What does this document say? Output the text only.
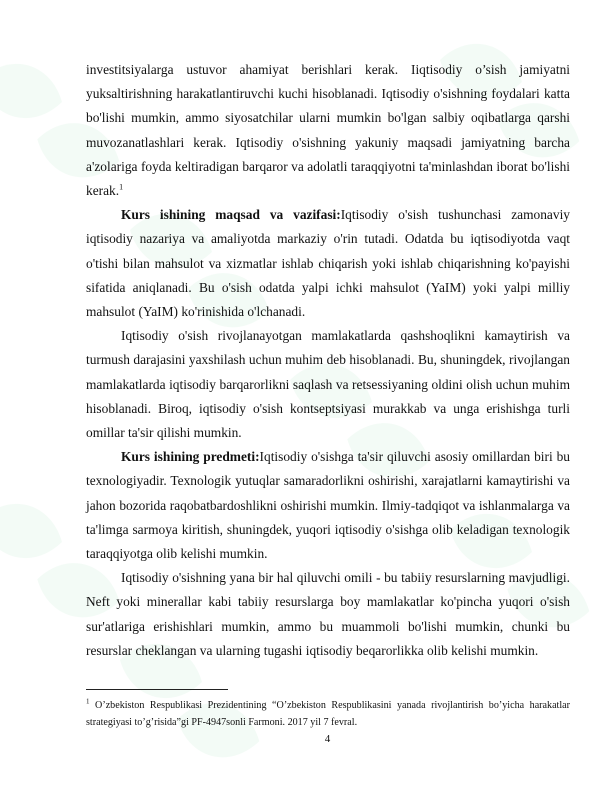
investitsiyalarga ustuvor ahamiyat berishlari kerak. Iiqtisodiy o’sish jamiyatni yuksaltirishning harakatlantiruvchi kuchi hisoblanadi. Iqtisodiy o'sishning foydalari katta bo'lishi mumkin, ammo siyosatchilar ularni mumkin bo'lgan salbiy oqibatlarga qarshi muvozanatlashlari kerak. Iqtisodiy o'sishning yakuniy maqsadi jamiyatning barcha a'zolariga foyda keltiradigan barqaror va adolatli taraqqiyotni ta'minlashdan iborat bo'lishi kerak.$^1$

Kurs ishining maqsad va vazifasi:Iqtisodiy o'sish tushunchasi zamonaviy iqtisodiy nazariya va amaliyotda markaziy o'rin tutadi. Odatda bu iqtisodiyotda vaqt o'tishi bilan mahsulot va xizmatlar ishlab chiqarish yoki ishlab chiqarishning ko'payishi sifatida aniqlanadi. Bu o'sish odatda yalpi ichki mahsulot (YaIM) yoki yalpi milliy mahsulot (YaIM) ko'rinishida o'lchanadi.

Iqtisodiy o'sish rivojlanayotgan mamlakatlarda qashshoqlikni kamaytirish va turmush darajasini yaxshilash uchun muhim deb hisoblanadi. Bu, shuningdek, rivojlangan mamlakatlarda iqtisodiy barqarorlikni saqlash va retsessiyaning oldini olish uchun muhim hisoblanadi. Biroq, iqtisodiy o'sish kontseptsiyasi murakkab va unga erishishga turli omillar ta'sir qilishi mumkin.

Kurs ishining predmeti:Iqtisodiy o'sishga ta'sir qiluvchi asosiy omillardan biri bu texnologiyadir. Texnologik yutuqlar samaradorlikni oshirishi, xarajatlarni kamaytirishi va jahon bozorida raqobatbardoshlikni oshirishi mumkin. Ilmiy-tadqiqot va ishlanmalarga va ta'limga sarmoya kiritish, shuningdek, yuqori iqtisodiy o'sishga olib keladigan texnologik taraqqiyotga olib kelishi mumkin.

Iqtisodiy o'sishning yana bir hal qiluvchi omili - bu tabiiy resurslarning mavjudligi. Neft yoki minerallar kabi tabiiy resurslarga boy mamlakatlar ko'pincha yuqori o'sish sur'atlariga erishishlari mumkin, ammo bu muammoli bo'lishi mumkin, chunki bu resurslar cheklangan va ularning tugashi iqtisodiy beqarorlikka olib kelishi mumkin.

$^1$ O’zbekiston Respublikasi Prezidentining “O’zbekiston Respublikasini yanada rivojlantirish bo’yicha harakatlar strategiyasi to’g’risida”gi PF-4947sonli Farmoni. 2017 yil 7 fevral.

4
